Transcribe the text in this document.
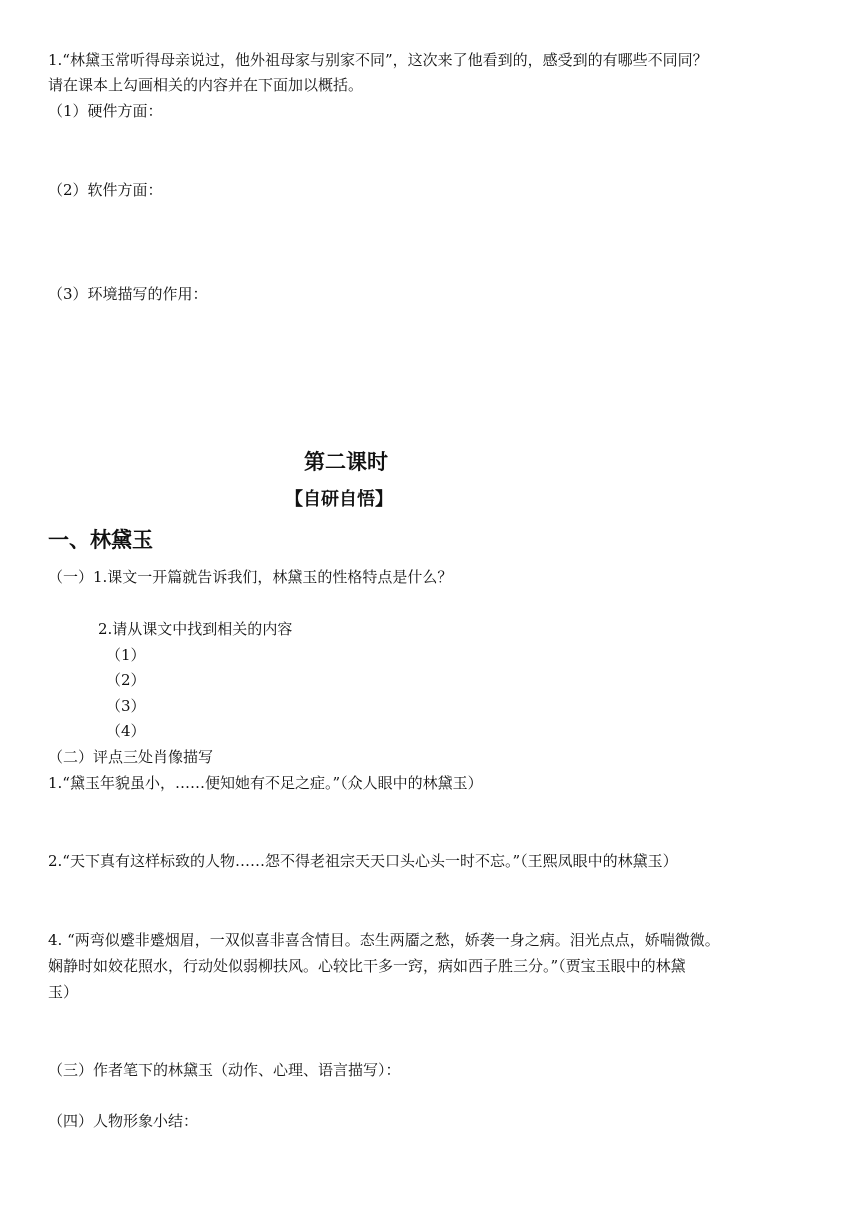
1.“林黛玉常听得母亲说过，他外祖母家与别家不同”，这次来了他看到的，感受到的有哪些不同同？
请在课本上勾画相关的内容并在下面加以概括。
（1）硬件方面：
（2）软件方面：
（3）环境描写的作用：
第二课时
【自研自悟】
一、林黛玉
（一）1.课文一开篇就告诉我们，林黛玉的性格特点是什么？
2.请从课文中找到相关的内容
（1）
（2）
（3）
（4）
（二）评点三处肖像描写
1.“黛玉年貌虽小，……便知她有不足之症。”（众人眼中的林黛玉）
2.“天下真有这样标致的人物……怨不得老祖宗天天口头心头一时不忘。”（王熙凤眼中的林黛玉）
4. “两弯似蹙非蹙烟眉，一双似喜非喜含情目。态生两靥之愁，娇袭一身之病。泪光点点，娇喘微微。
娴静时如姣花照水，行动处似弱柳扶风。心较比干多一窍，病如西子胜三分。”（贾宝玉眼中的林黛
玉）
（三）作者笔下的林黛玉（动作、心理、语言描写）：
（四）人物形象小结：
